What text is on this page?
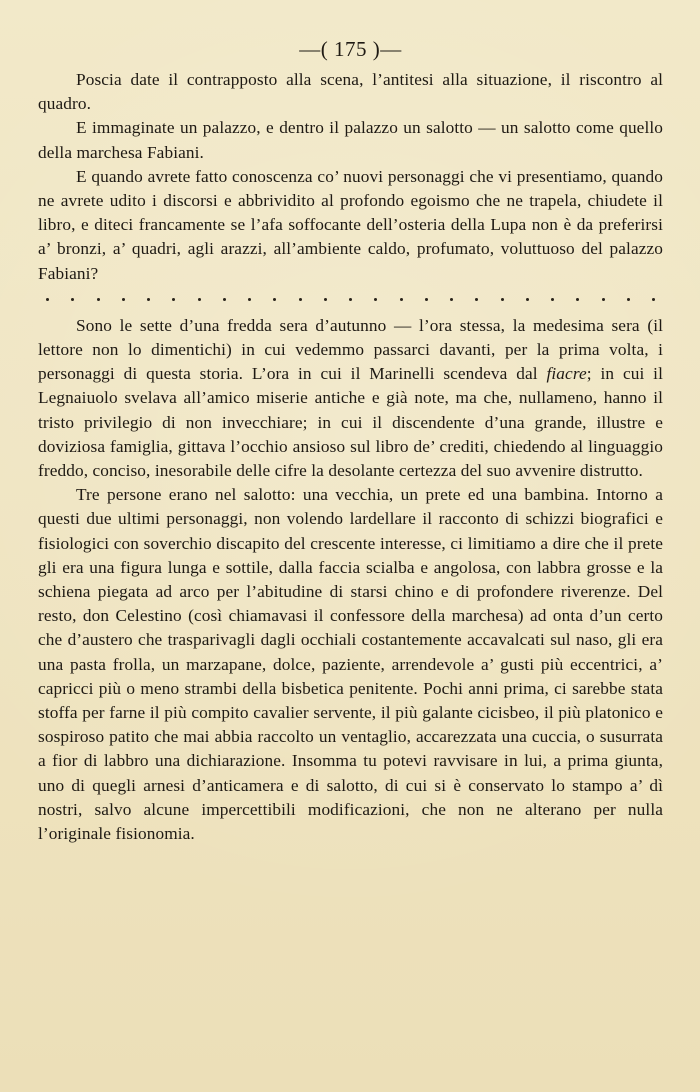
—( 175 )—

Poscia date il contrapposto alla scena, l’antitesi alla situazione, il riscontro al quadro.

E immaginate un palazzo, e dentro il palazzo un salotto — un salotto come quello della marchesa Fabiani.

E quando avrete fatto conoscenza co’ nuovi personaggi che vi presentiamo, quando ne avrete udito i discorsi e abbrividito al profondo egoismo che ne trapela, chiudete il libro, e diteci francamente se l’afa soffocante dell’osteria della Lupa non è da preferirsi a’ bronzi, a’ quadri, agli arazzi, all’ambiente caldo, profumato, voluttuoso del palazzo Fabiani?

Sono le sette d’una fredda sera d’autunno — l’ora stessa, la medesima sera (il lettore non lo dimentichi) in cui vedemmo passarci davanti, per la prima volta, i personaggi di questa storia. L’ora in cui il Marinelli scendeva dal fiacre; in cui il Legnaiuolo svelava all’amico miserie antiche e già note, ma che, nullameno, hanno il tristo privilegio di non invecchiare; in cui il discendente d’una grande, illustre e doviziosa famiglia, gittava l’occhio ansioso sul libro de’ crediti, chiedendo al linguaggio freddo, conciso, inesorabile delle cifre la desolante certezza del suo avvenire distrutto.

Tre persone erano nel salotto: una vecchia, un prete ed una bambina. Intorno a questi due ultimi personaggi, non volendo lardellare il racconto di schizzi biografici e fisiologici con soverchio discapito del crescente interesse, ci limitiamo a dire che il prete gli era una figura lunga e sottile, dalla faccia scialba e angolosa, con labbra grosse e la schiena piegata ad arco per l’abitudine di starsi chino e di profondere riverenze. Del resto, don Celestino (così chiamavasi il confessore della marchesa) ad onta d’un certo che d’austero che trasparivagli dagli occhiali costantemente accavalcati sul naso, gli era una pasta frolla, un marzapane, dolce, paziente, arrendevole a’ gusti più eccentrici, a’ capricci più o meno strambi della bisbetica penitente. Pochi anni prima, ci sarebbe stata stoffa per farne il più compito cavalier servente, il più galante cicisbeo, il più platonico e sospiroso patito che mai abbia raccolto un ventaglio, accarezzata una cuccia, o susurrata a fior di labbro una dichiarazione. Insomma tu potevi ravvisare in lui, a prima giunta, uno di quegli arnesi d’anticamera e di salotto, di cui si è conservato lo stampo a’ dì nostri, salvo alcune impercettibili modificazioni, che non ne alterano per nulla l’originale fisionomia.
